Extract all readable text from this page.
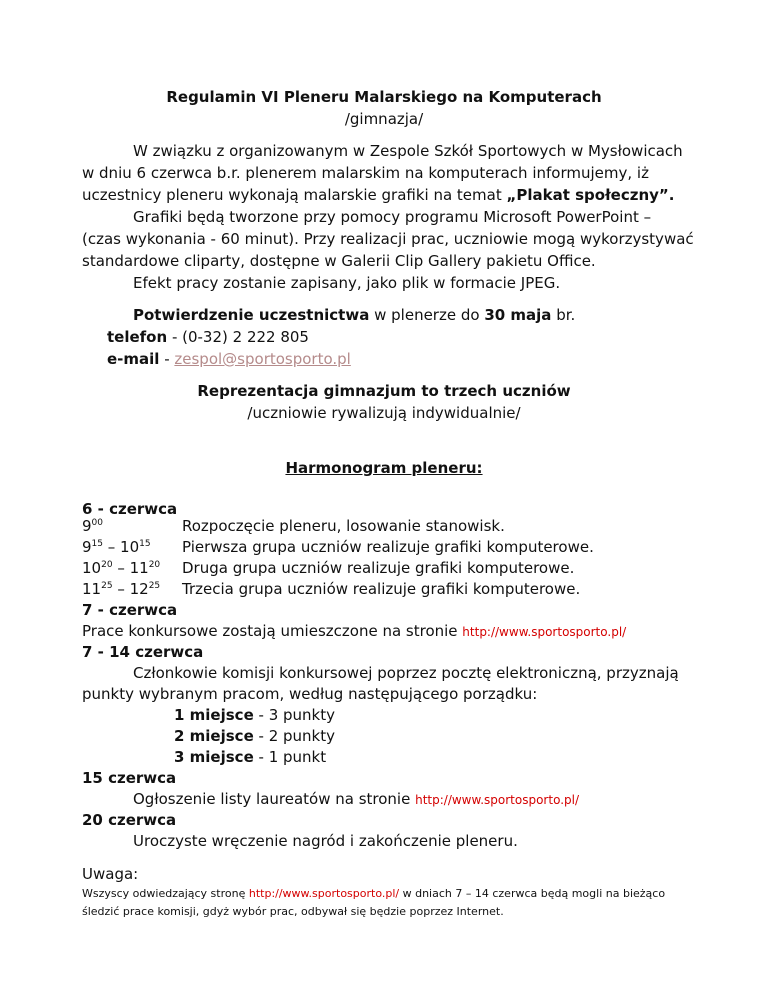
Regulamin VI Pleneru Malarskiego na Komputerach
/gimnazja/
W związku z organizowanym w Zespole Szkół Sportowych w Mysłowicach
w dniu 6 czerwca b.r. plenerem malarskim na komputerach informujemy, iż
uczestnicy pleneru wykonają malarskie grafiki na temat „Plakat społeczny”.
Grafiki będą tworzone przy pomocy programu Microsoft PowerPoint –
(czas wykonania - 60 minut). Przy realizacji prac, uczniowie mogą wykorzystywać
standardowe cliparty, dostępne w Galerii Clip Gallery pakietu Office.
Efekt pracy zostanie zapisany, jako plik w formacie JPEG.
Potwierdzenie uczestnictwa w plenerze do 30 maja br.
telefon - (0-32) 2 222 805
e-mail - zespol@sportosporto.pl
Reprezentacja gimnazjum to trzech uczniów
/uczniowie rywalizują indywidualnie/
Harmonogram pleneru:
6 - czerwca
$9^{00}$	Rozpoczęcie pleneru, losowanie stanowisk.
$9^{15} - 10^{15}$ Pierwsza grupa uczniów realizuje grafiki komputerowe.
$10^{20} - 11^{20}$ Druga grupa uczniów realizuje grafiki komputerowe.
$11^{25} - 12^{25}$ Trzecia grupa uczniów realizuje grafiki komputerowe.
7 - czerwca
Prace konkursowe zostają umieszczone na stronie http://www.sportosporto.pl/
7 - 14 czerwca
Członkowie komisji konkursowej poprzez pocztę elektroniczną, przyznają
punkty wybranym pracom, według następującego porządku:
1 miejsce - 3 punkty
2 miejsce - 2 punkty
3 miejsce - 1 punkt
15 czerwca
Ogłoszenie listy laureatów na stronie http://www.sportosporto.pl/
20 czerwca
Uroczyste wręczenie nagród i zakończenie pleneru.
Uwaga:
Wszyscy odwiedzający stronę http://www.sportosporto.pl/ w dniach 7 – 14 czerwca będą mogli na bieżąco
śledzić prace komisji, gdyż wybór prac, odbywał się będzie poprzez Internet.
